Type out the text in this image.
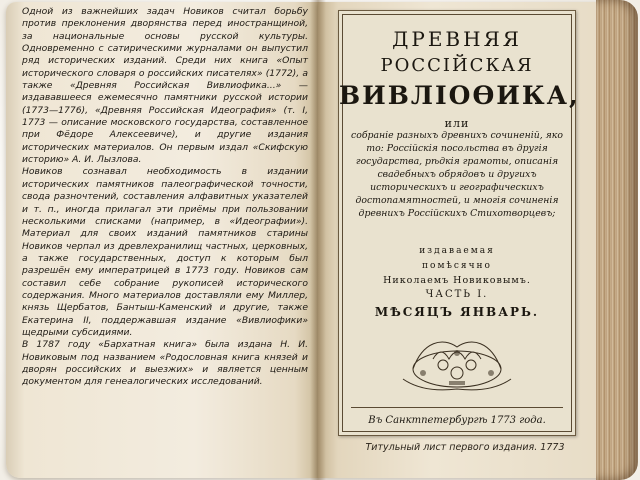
Одной из важнейших задач Новиков считал борьбу против преклонения дворянства перед иностранщиной, за национальные основы русской культуры. Одновременно с сатирическими журналами он выпустил ряд исторических изданий. Среди них книга «Опыт исторического словаря о российских писателях» (1772), а также «Древняя Российская Вивлиофика...» — издававшееся ежемесячно памятники русской истории (1773—1776), «Древняя Российская Идеография» (т. I, 1773 — описание московского государства, составленное при Фёдоре Алексеевиче), и другие издания исторических материалов. Он первым издал «Скифскую историю» А. И. Лызлова.

Новиков сознавал необходимость в издании исторических памятников палеографической точности, свода разночтений, составления алфавитных указателей и т. п., иногда прилагал эти приёмы при пользовании несколькими списками (например, в «Идеографии»). Материал для своих изданий памятников старины Новиков черпал из древлехранилищ частных, церковных, а также государственных, доступ к которым был разрешён ему императрицей в 1773 году. Новиков сам составил себе собрание рукописей исторического содержания. Много материалов доставляли ему Миллер, князь Щербатов, Бантыш-Каменский и другие, также Екатерина II, поддержавшая издание «Вивлиофики» щедрыми субсидиями.

В 1787 году «Бархатная книга» была издана Н. И. Новиковым под названием «Родословная книга князей и дворян российских и выезжих» и является ценным документом для генеалогических исследований.

ДРЕВНЯЯ
РОССІЙСКАЯ
ВИВЛІОѲИКА,
или
собраніе разныхъ древнихъ сочиненій, яко то: Россійскія посольства въ другія государства, рѣдкія грамоты, описанія свадебныхъ обрядовъ и другихъ историческихъ и географическихъ достопамятностей, и многія сочиненія древнихъ Россійскихъ Стихотворцевъ;
издаваемая
помѣсячно
Николаемъ Новиковымъ.
ЧАСТЬ I.
МѢСЯЦЪ ЯНВАРЬ.
Въ Санктпетербургѣ 1773 года.
Титульный лист первого издания. 1773
